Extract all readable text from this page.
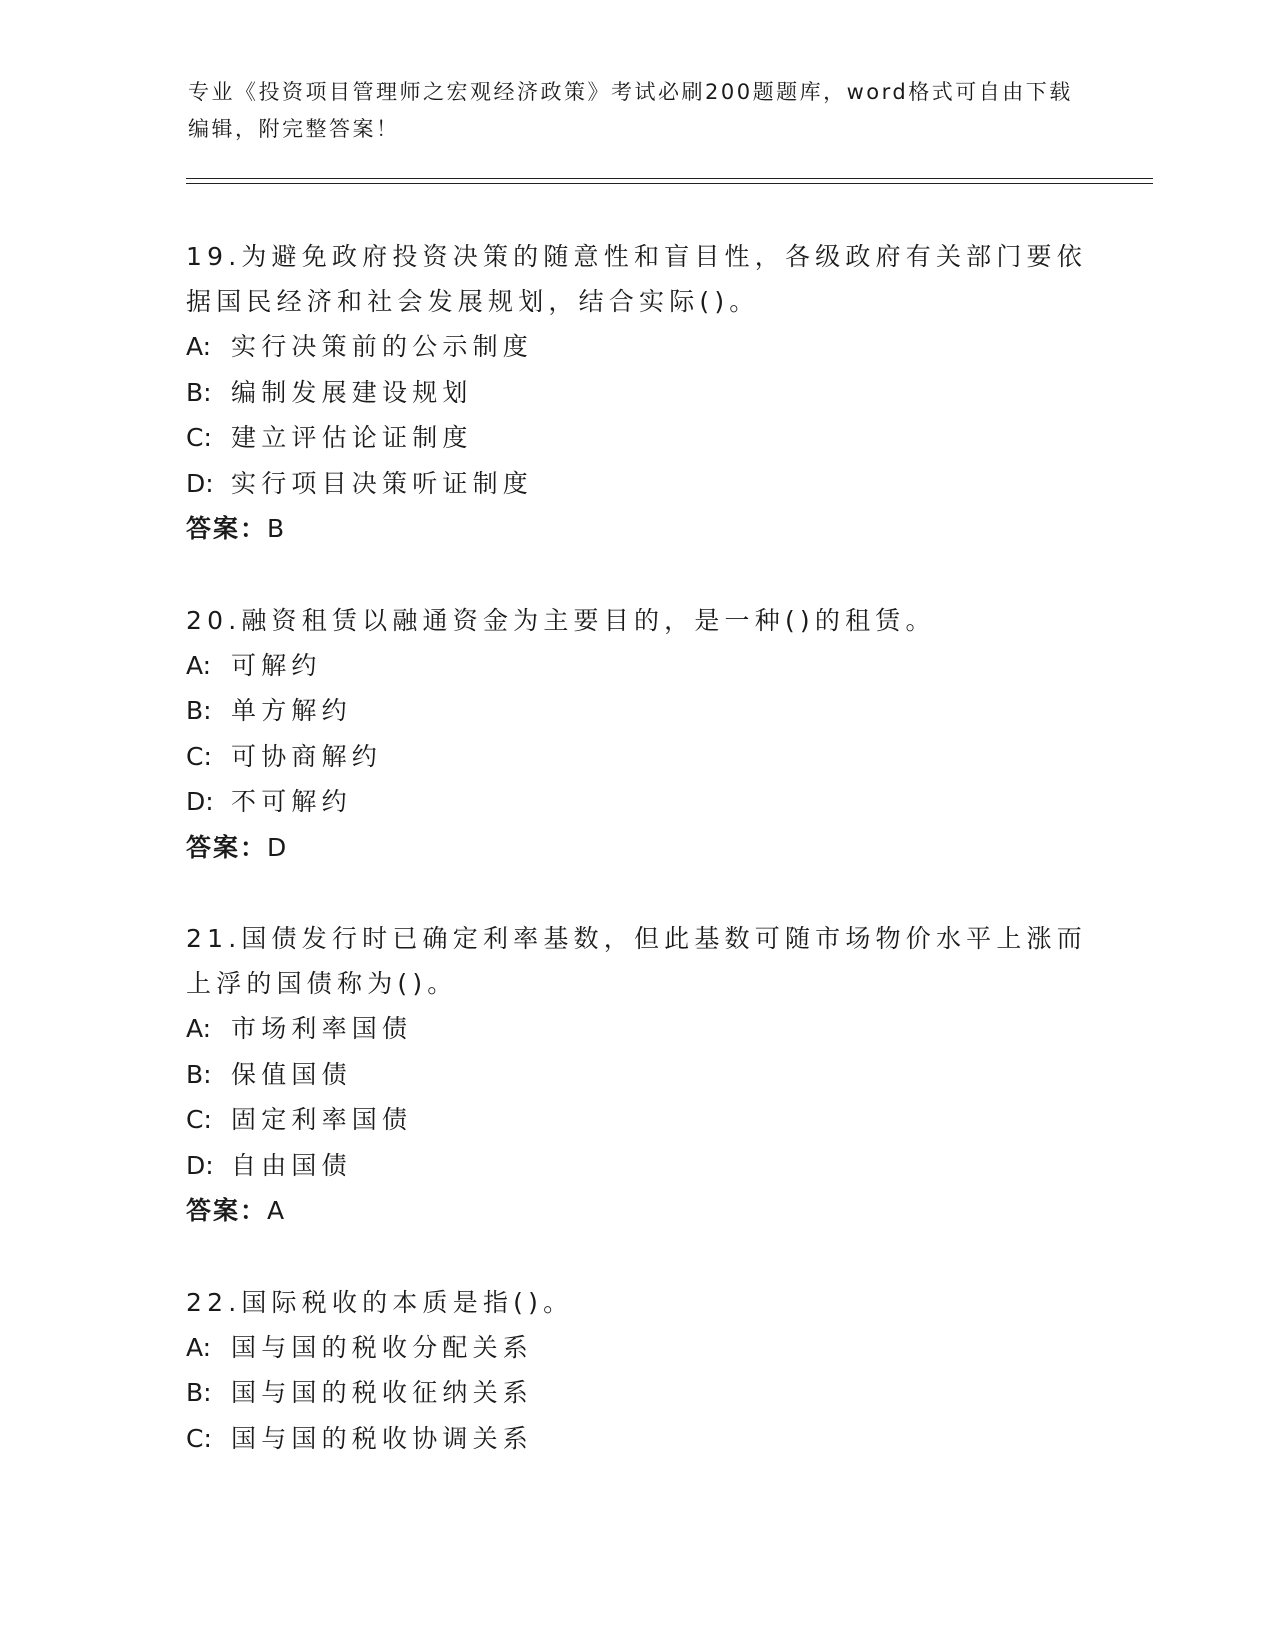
专业《投资项目管理师之宏观经济政策》考试必刷200题题库，word格式可自由下载编辑，附完整答案！

19.为避免政府投资决策的随意性和盲目性，各级政府有关部门要依据国民经济和社会发展规划，结合实际()。

A: 实行决策前的公示制度

B: 编制发展建设规划

C: 建立评估论证制度

D: 实行项目决策听证制度

答案：B

20.融资租赁以融通资金为主要目的，是一种()的租赁。

A: 可解约

B: 单方解约

C: 可协商解约

D: 不可解约

答案：D

21.国债发行时已确定利率基数，但此基数可随市场物价水平上涨而上浮的国债称为()。

A: 市场利率国债

B: 保值国债

C: 固定利率国债

D: 自由国债

答案：A

22.国际税收的本质是指()。

A: 国与国的税收分配关系

B: 国与国的税收征纳关系

C: 国与国的税收协调关系
